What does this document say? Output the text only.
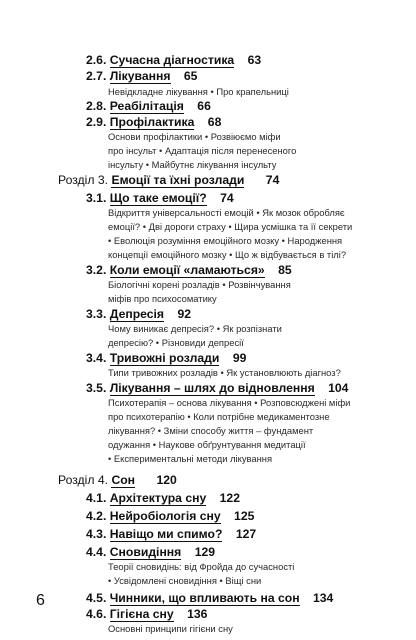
2.6. Сучасна діагностика 63
2.7. Лікування 65
Невідкладне лікування • Про крапельниці
2.8. Реабілітація 66
2.9. Профілактика 68
Основи профілактики • Розвіюємо міфи
про інсульт • Адаптація після перенесеного
інсульту • Майбутнє лікування інсульту
Розділ 3. Емоції та їхні розлади 74
3.1. Що таке емоції? 74
Відкриття універсальності емоцій • Як мозок обробляє
емоції? • Дві дороги страху • Щира усмішка та її секрети
• Еволюція розуміння емоційного мозку • Народження
концепції емоційного мозку • Що ж відбувається в тілі?
3.2. Коли емоції «ламаються» 85
Біологічні корені розладів • Розвінчування
міфів про психосоматику
3.3. Депресія 92
Чому виникає депресія? • Як розпізнати
депресію? • Різновиди депресії
3.4. Тривожні розлади 99
Типи тривожних розладів • Як установлюють діагноз?
3.5. Лікування – шлях до відновлення 104
Психотерапія – основа лікування • Розповсюджені міфи
про психотерапію • Коли потрібне медикаментозне
лікування? • Зміни способу життя – фундамент
одужання • Наукове обґрунтування медитації
• Експериментальні методи лікування
Розділ 4. Сон 120
4.1. Архітектура сну 122
4.2. Нейробіологія сну 125
4.3. Навіщо ми спимо? 127
4.4. Сновидіння 129
Теорії сновидінь: від Фройда до сучасності
• Усвідомлені сновидіння • Віщі сни
4.5. Чинники, що впливають на сон 134
4.6. Гігієна сну 136
Основні принципи гігієни сну
6
